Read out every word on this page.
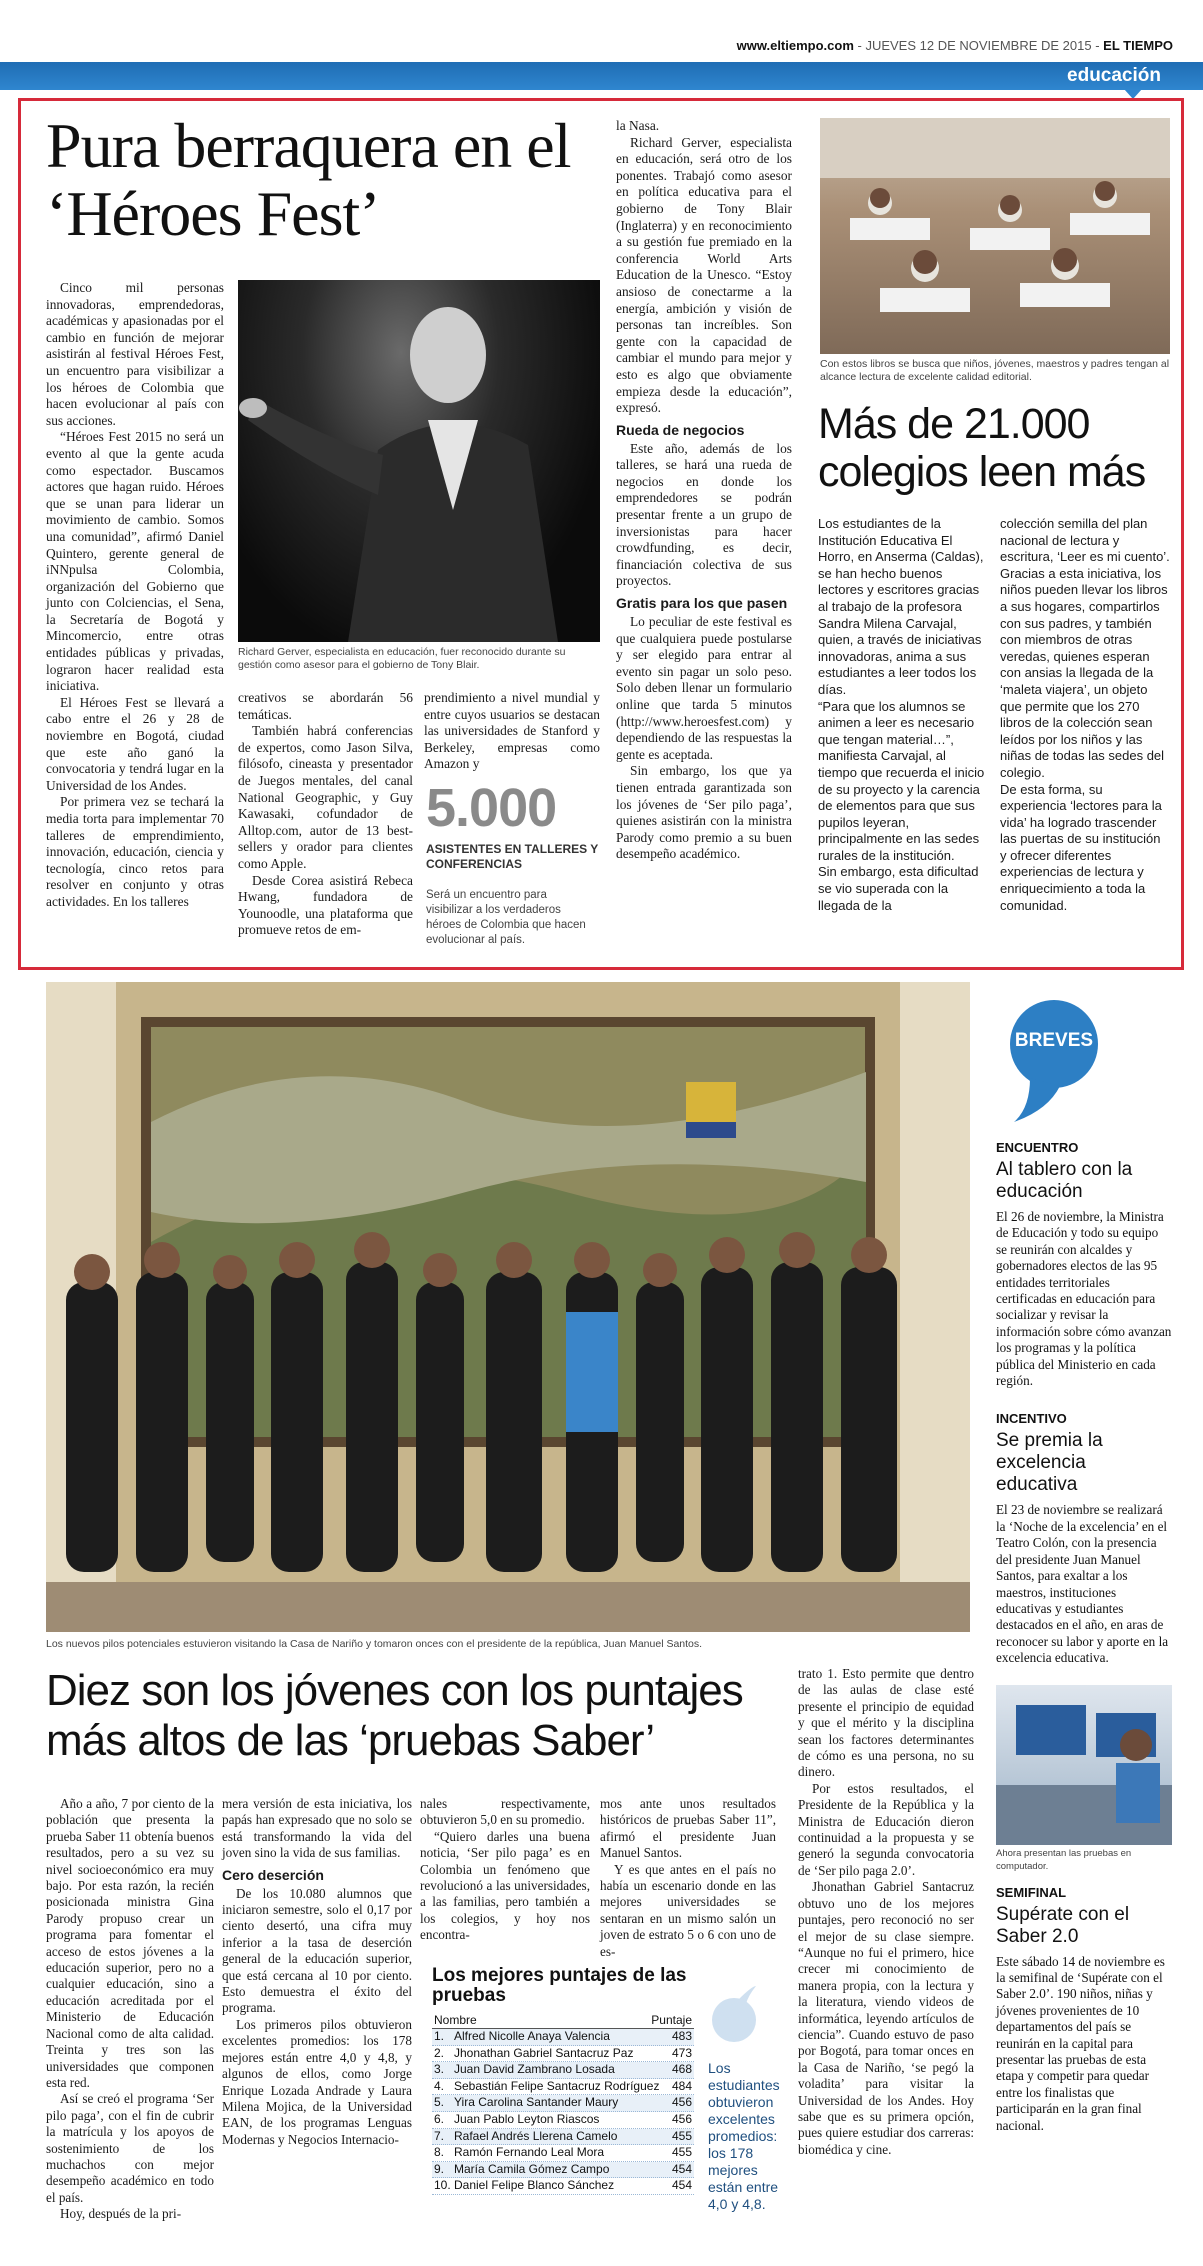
www.eltiempo.com - JUEVES 12 DE NOVIEMBRE DE 2015 - EL TIEMPO
educación
Pura berraquera en el ‘Héroes Fest’

Cinco mil personas innovadoras, emprendedoras, académicas y apasionadas por el cambio en función de mejorar asistirán al festival Héroes Fest, un encuentro para visibilizar a los héroes de Colombia que hacen evolucionar al país con sus acciones.

“Héroes Fest 2015 no será un evento al que la gente acuda como espectador. Buscamos actores que hagan ruido. Héroes que se unan para liderar un movimiento de cambio. Somos una comunidad”, afirmó Daniel Quintero, gerente general de iNNpulsa Colombia, organización del Gobierno que junto con Colciencias, el Sena, la Secretaría de Bogotá y Mincomercio, entre otras entidades públicas y privadas, lograron hacer realidad esta iniciativa.

El Héroes Fest se llevará a cabo entre el 26 y 28 de noviembre en Bogotá, ciudad que este año ganó la convocatoria y tendrá lugar en la Universidad de los Andes.

Por primera vez se techará la media torta para implementar 70 talleres de emprendimiento, innovación, educación, ciencia y tecnología, cinco retos para resolver en conjunto y otras actividades. En los talleres

Richard Gerver, especialista en educación, fuer reconocido durante su gestión como asesor para el gobierno de Tony Blair.

creativos se abordarán 56 temáticas.

También habrá conferencias de expertos, como Jason Silva, filósofo, cineasta y presentador de Juegos mentales, del canal National Geographic, y Guy Kawasaki, cofundador de Alltop.com, autor de 13 best-sellers y orador para clientes como Apple.

Desde Corea asistirá Rebeca Hwang, fundadora de Younoodle, una plataforma que promueve retos de em-

prendimiento a nivel mundial y entre cuyos usuarios se destacan las universidades de Stanford y Berkeley, empresas como Amazon y

5.000
ASISTENTES EN TALLERES Y CONFERENCIAS
Será un encuentro para visibilizar a los verdaderos héroes de Colombia que hacen evolucionar al país.

la Nasa.

Richard Gerver, especialista en educación, será otro de los ponentes. Trabajó como asesor en política educativa para el gobierno de Tony Blair (Inglaterra) y en reconocimiento a su gestión fue premiado en la conferencia World Arts Education de la Unesco. “Estoy ansioso de conectarme a la energía, ambición y visión de personas tan increíbles. Son gente con la capacidad de cambiar el mundo para mejor y esto es algo que obviamente empieza desde la educación”, expresó.

Rueda de negocios

Este año, además de los talleres, se hará una rueda de negocios en donde los emprendedores se podrán presentar frente a un grupo de inversionistas para hacer crowdfunding, es decir, financiación colectiva de sus proyectos.

Gratis para los que pasen

Lo peculiar de este festival es que cualquiera puede postularse y ser elegido para entrar al evento sin pagar un solo peso. Solo deben llenar un formulario online que tarda 5 minutos (http://www.heroesfest.com) y dependiendo de las respuestas la gente es aceptada.

Sin embargo, los que ya tienen entrada garantizada son los jóvenes de ‘Ser pilo paga’, quienes asistirán con la ministra Parody como premio a su buen desempeño académico.

Con estos libros se busca que niños, jóvenes, maestros y padres tengan al alcance lectura de excelente calidad editorial.
Más de 21.000 colegios leen más

Los estudiantes de la Institución Educativa El Horro, en Anserma (Caldas), se han hecho buenos lectores y escritores gracias al trabajo de la profesora Sandra Milena Carvajal, quien, a través de iniciativas innovadoras, anima a sus estudiantes a leer todos los días.

“Para que los alumnos se animen a leer es necesario que tengan material…”, manifiesta Carvajal, al tiempo que recuerda el inicio de su proyecto y la carencia de elementos para que sus pupilos leyeran, principalmente en las sedes rurales de la institución.

Sin embargo, esta dificultad se vio superada con la llegada de la

colección semilla del plan nacional de lectura y escritura, ‘Leer es mi cuento’.

Gracias a esta iniciativa, los niños pueden llevar los libros a sus hogares, compartirlos con sus padres, y también con miembros de otras veredas, quienes esperan con ansias la llegada de la ‘maleta viajera’, un objeto que permite que los 270 libros de la colección sean leídos por los niños y las niñas de todas las sedes del colegio.

De esta forma, su experiencia ‘lectores para la vida’ ha logrado trascender las puertas de su institución y ofrecer diferentes experiencias de lectura y enriquecimiento a toda la comunidad.

Los nuevos pilos potenciales estuvieron visitando la Casa de Nariño y tomaron onces con el presidente de la república, Juan Manuel Santos.
Diez son los jóvenes con los puntajes más altos de las ‘pruebas Saber’

Año a año, 7 por ciento de la población que presenta la prueba Saber 11 obtenía buenos resultados, pero a su vez su nivel socioeconómico era muy bajo. Por esta razón, la recién posicionada ministra Gina Parody propuso crear un programa para fomentar el acceso de estos jóvenes a la educación superior, pero no a cualquier educación, sino a educación acreditada por el Ministerio de Educación Nacional como de alta calidad. Treinta y tres son las universidades que componen esta red.

Así se creó el programa ‘Ser pilo paga’, con el fin de cubrir la matrícula y los apoyos de sostenimiento de los muchachos con mejor desempeño académico en todo el país.

Hoy, después de la pri-

mera versión de esta iniciativa, los papás han expresado que no solo se está transformando la vida del joven sino la vida de sus familias.

Cero deserción

De los 10.080 alumnos que iniciaron semestre, solo el 0,17 por ciento desertó, una cifra muy inferior a la tasa de deserción general de la educación superior, que está cercana al 10 por ciento. Esto demuestra el éxito del programa.

Los primeros pilos obtuvieron excelentes promedios: los 178 mejores están entre 4,0 y 4,8, y algunos de ellos, como Jorge Enrique Lozada Andrade y Laura Milena Mojica, de la Universidad EAN, de los programas Lenguas Modernas y Negocios Internacio-

nales respectivamente, obtuvieron 5,0 en su promedio.

“Quiero darles una buena noticia, ‘Ser pilo paga’ es en Colombia un fenómeno que revolucionó a las universidades, a las familias, pero también a los colegios, y hoy nos encontra-

mos ante unos resultados históricos de pruebas Saber 11”, afirmó el presidente Juan Manuel Santos.

Y es que antes en el país no había un escenario donde en las mejores universidades se sentaran en un mismo salón un joven de estrato 5 o 6 con uno de es-

Los mejores puntajes de las pruebas
Nombre	Puntaje
1. Alfred Nicolle Anaya Valencia	483
2. Jhonathan Gabriel Santacruz Paz	473
3. Juan David Zambrano Losada	468
4. Sebastián Felipe Santacruz Rodríguez	484
5. Yira Carolina Santander Maury	456
6. Juan Pablo Leyton Riascos	456
7. Rafael Andrés Llerena Camelo	455
8. Ramón Fernando Leal Mora	455
9. María Camila Gómez Campo	454
10. Daniel Felipe Blanco Sánchez	454
Los estudiantes obtuvieron excelentes promedios: los 178 mejores están entre 4,0 y 4,8.

trato 1. Esto permite que dentro de las aulas de clase esté presente el principio de equidad y que el mérito y la disciplina sean los factores determinantes de cómo es una persona, no su dinero.

Por estos resultados, el Presidente de la República y la Ministra de Educación dieron continuidad a la propuesta y se generó la segunda convocatoria de ‘Ser pilo paga 2.0’.

Jhonathan Gabriel Santacruz obtuvo uno de los mejores puntajes, pero reconoció no ser el mejor de su clase siempre. “Aunque no fui el primero, hice crecer mi conocimiento de manera propia, con la lectura y la literatura, viendo videos de informática, leyendo artículos de ciencia”. Cuando estuvo de paso por Bogotá, para tomar onces en la Casa de Nariño, ‘se pegó la voladita’ para visitar la Universidad de los Andes. Hoy sabe que es su primera opción, pues quiere estudiar dos carreras: biomédica y cine.

BREVES
ENCUENTRO
Al tablero con la educación
El 26 de noviembre, la Ministra de Educación y todo su equipo se reunirán con alcaldes y gobernadores electos de las 95 entidades territoriales certificadas en educación para socializar y revisar la información sobre cómo avanzan los programas y la política pública del Ministerio en cada región.
INCENTIVO
Se premia la excelencia educativa
El 23 de noviembre se realizará la ‘Noche de la excelencia’ en el Teatro Colón, con la presencia del presidente Juan Manuel Santos, para exaltar a los maestros, instituciones educativas y estudiantes destacados en el año, en aras de reconocer su labor y aporte en la excelencia educativa.
Ahora presentan las pruebas en computador.
SEMIFINAL
Supérate con el Saber 2.0
Este sábado 14 de noviembre es la semifinal de ‘Supérate con el Saber 2.0’. 190 niños, niñas y jóvenes provenientes de 10 departamentos del país se reunirán en la capital para presentar las pruebas de esta etapa y competir para quedar entre los finalistas que participarán en la gran final nacional.
